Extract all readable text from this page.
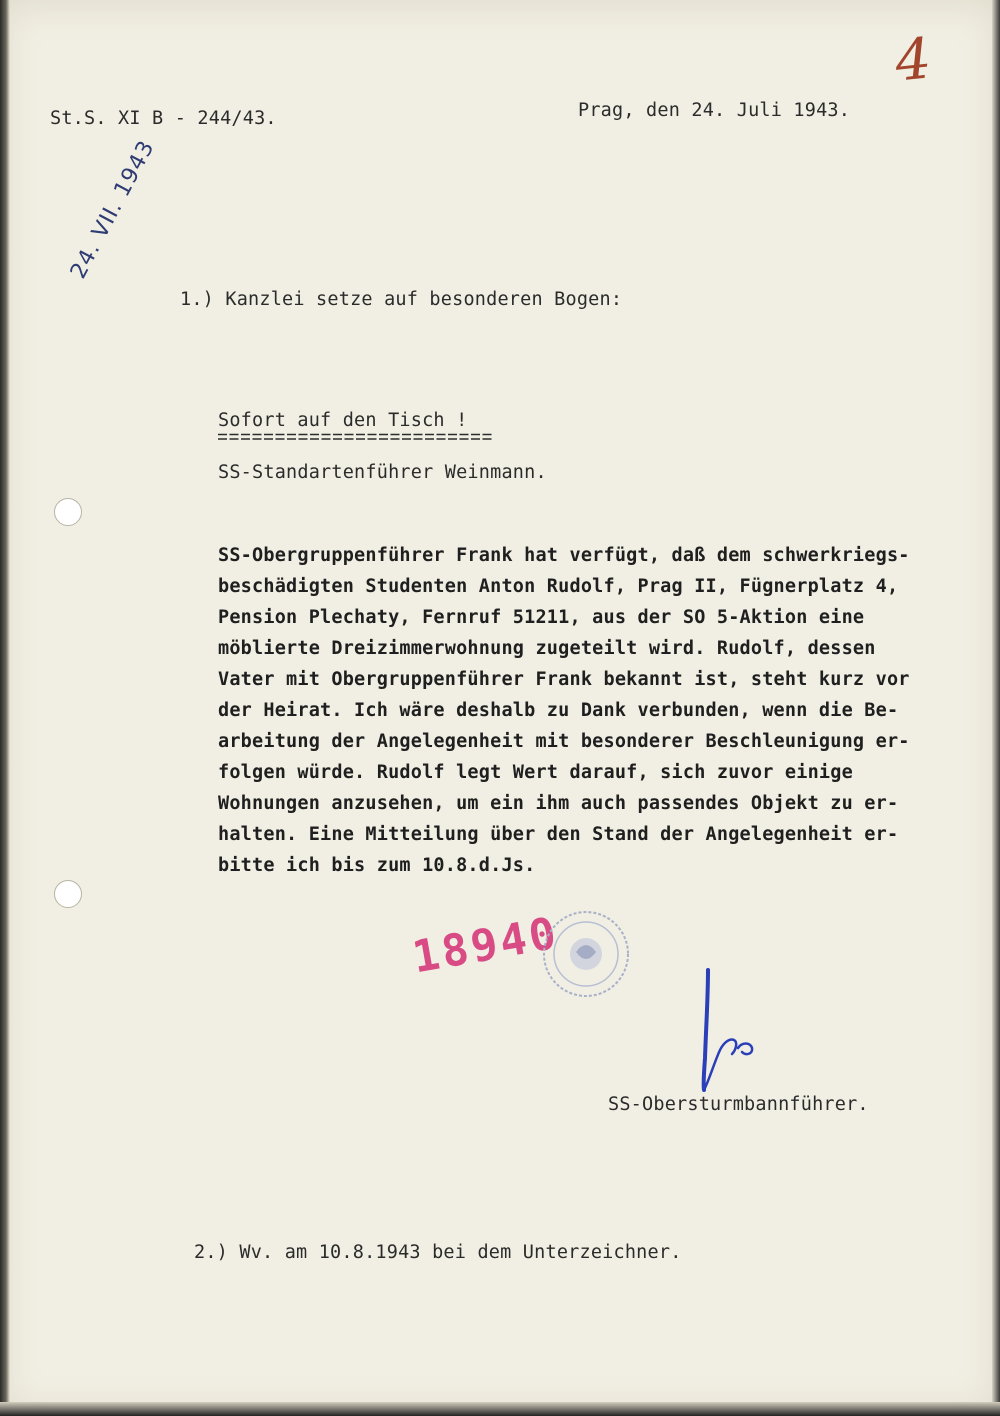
4
St.S. XI B - 244/43.	Prag, den 24. Juli 1943.
24. VII. 1943
1.) Kanzlei setze auf besonderen Bogen:
Sofort auf den Tisch !
SS-Standartenführer Weinmann.
SS-Obergruppenführer Frank hat verfügt, daß dem schwerkriegs-
beschädigten Studenten Anton Rudolf, Prag II, Fügnerplatz 4,
Pension Plechaty, Fernruf 51211, aus der SO 5-Aktion eine
möblierte Dreizimmerwohnung zugeteilt wird. Rudolf, dessen
Vater mit Obergruppenführer Frank bekannt ist, steht kurz vor
der Heirat. Ich wäre deshalb zu Dank verbunden, wenn die Be-
arbeitung der Angelegenheit mit besonderer Beschleunigung er-
folgen würde. Rudolf legt Wert darauf, sich zuvor einige
Wohnungen anzusehen, um ein ihm auch passendes Objekt zu er-
halten. Eine Mitteilung über den Stand der Angelegenheit er-
bitte ich bis zum 10.8.d.Js.
18940
SS-Obersturmbannführer.
2.) Wv. am 10.8.1943 bei dem Unterzeichner.
